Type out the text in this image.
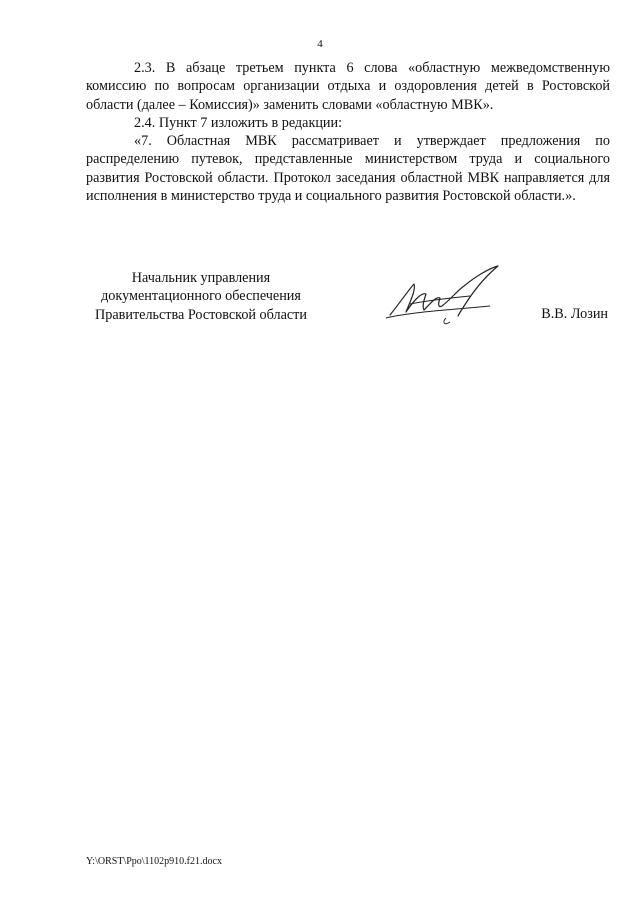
4

2.3. В абзаце третьем пункта 6 слова «областную межведомственную комиссию по вопросам организации отдыха и оздоровления детей в Ростовской области (далее – Комиссия)» заменить словами «областную МВК».

2.4. Пункт 7 изложить в редакции:

«7. Областная МВК рассматривает и утверждает предложения по распределению путевок, представленные министерством труда и социального развития Ростовской области. Протокол заседания областной МВК направляется для исполнения в министерство труда и социального развития Ростовской области.».

Начальник управления
документационного обеспечения
Правительства Ростовской области	В.В. Лозин
Y:\ORST\Ppo\1102p910.f21.docx
